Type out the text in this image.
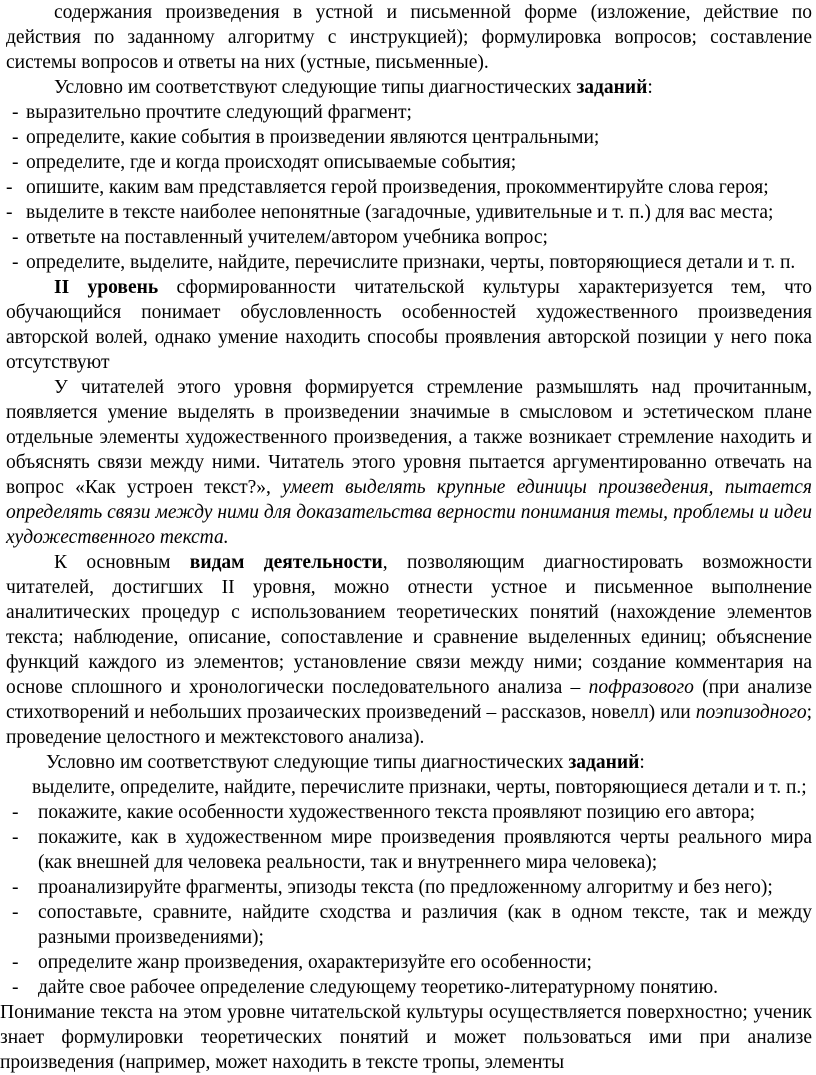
содержания произведения в устной и письменной форме (изложение, действие по действия по заданному алгоритму с инструкцией); формулировка вопросов; составление системы вопросов и ответы на них (устные, письменные).

Условно им соответствуют следующие типы диагностических заданий:

- выразительно прочтите следующий фрагмент;
- определите, какие события в произведении являются центральными;
- определите, где и когда происходят описываемые события;
- опишите, каким вам представляется герой произведения, прокомментируйте слова героя;
- выделите в тексте наиболее непонятные (загадочные, удивительные и т. п.) для вас места;
- ответьте на поставленный учителем/автором учебника вопрос;
- определите, выделите, найдите, перечислите признаки, черты, повторяющиеся детали и т. п.

II уровень сформированности читательской культуры характеризуется тем, что обучающийся понимает обусловленность особенностей художественного произведения авторской волей, однако умение находить способы проявления авторской позиции у него пока отсутствуют

У читателей этого уровня формируется стремление размышлять над прочитанным, появляется умение выделять в произведении значимые в смысловом и эстетическом плане отдельные элементы художественного произведения, а также возникает стремление находить и объяснять связи между ними. Читатель этого уровня пытается аргументированно отвечать на вопрос «Как устроен текст?», умеет выделять крупные единицы произведения, пытается определять связи между ними для доказательства верности понимания темы, проблемы и идеи художественного текста.

К основным видам деятельности, позволяющим диагностировать возможности читателей, достигших II уровня, можно отнести устное и письменное выполнение аналитических процедур с использованием теоретических понятий (нахождение элементов текста; наблюдение, описание, сопоставление и сравнение выделенных единиц; объяснение функций каждого из элементов; установление связи между ними; создание комментария на основе сплошного и хронологически последовательного анализа – пофразового (при анализе стихотворений и небольших прозаических произведений – рассказов, новелл) или поэпизодного; проведение целостного и межтекстового анализа).

Условно им соответствуют следующие типы диагностических заданий:

выделите, определите, найдите, перечислите признаки, черты, повторяющиеся детали и т. п.;
-	покажите, какие особенности художественного текста проявляют позицию его автора;
-	покажите, как в художественном мире произведения проявляются черты реального мира (как внешней для человека реальности, так и внутреннего мира человека);
-	проанализируйте фрагменты, эпизоды текста (по предложенному алгоритму и без него);
-	сопоставьте, сравните, найдите сходства и различия (как в одном тексте, так и между разными произведениями);
-	определите жанр произведения, охарактеризуйте его особенности;
-	дайте свое рабочее определение следующему теоретико-литературному понятию.

Понимание текста на этом уровне читательской культуры осуществляется поверхностно; ученик знает формулировки теоретических понятий и может пользоваться ими при анализе произведения (например, может находить в тексте тропы, элементы
